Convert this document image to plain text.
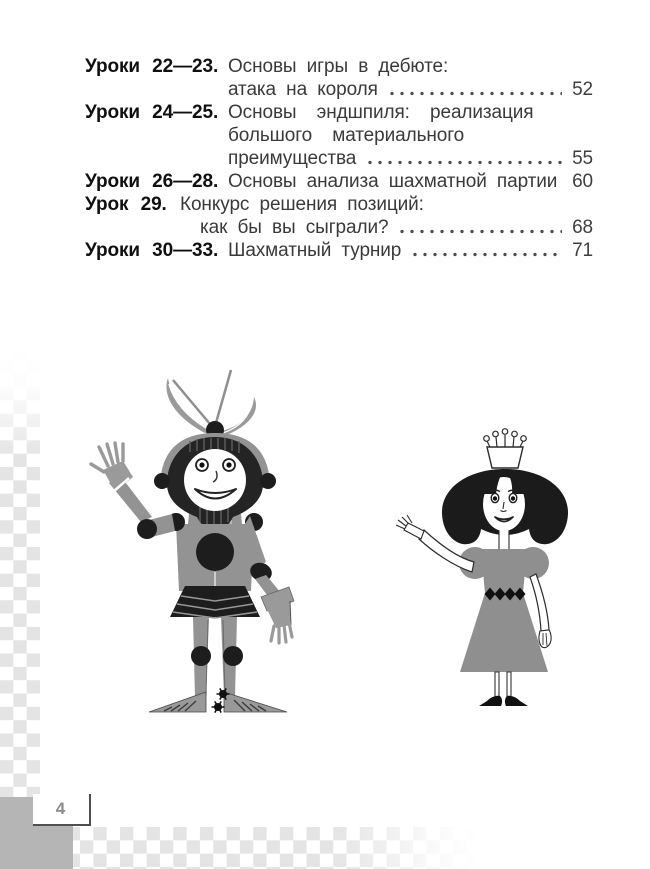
Уроки 22—23. Основы игры в дебюте:
атака на короля	52
Уроки 24—25. Основы эндшпиля: реализация
большого материального
преимущества	55
Уроки 26—28. Основы анализа шахматной партии 60
Урок 29. Конкурс решения позиций:
как бы вы сыграли?	68
Уроки 30—33. Шахматный турнир	71
4
